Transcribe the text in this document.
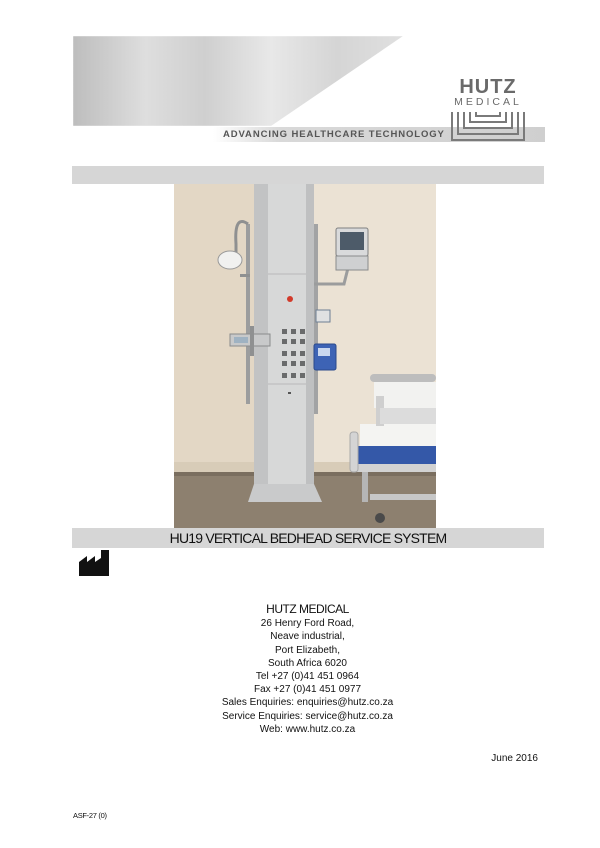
ADVANCING HEALTHCARE TECHNOLOGY
HUTZ
MEDICAL
HU19 VERTICAL BEDHEAD SERVICE SYSTEM
HUTZ MEDICAL
26 Henry Ford Road,
Neave industrial,
Port Elizabeth,
South Africa 6020
Tel +27 (0)41 451 0964
Fax +27 (0)41 451 0977
Sales Enquiries: enquiries@hutz.co.za
Service Enquiries: service@hutz.co.za
Web: www.hutz.co.za
June 2016
ASF-27 (0)
